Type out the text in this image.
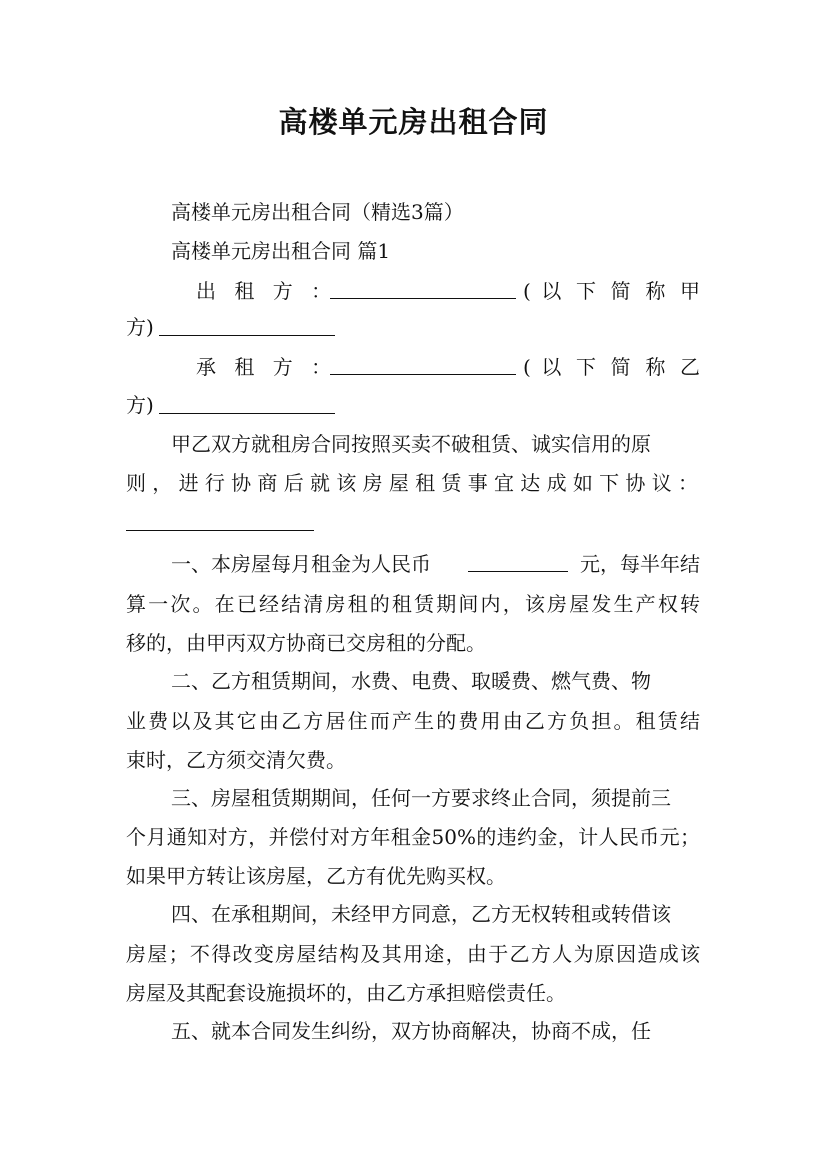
高楼单元房出租合同
高楼单元房出租合同（精选3篇）
高楼单元房出租合同 篇1
出 租 方 ：	( 以 下 简 称 甲
方)
承 租 方 ：	( 以 下 简 称 乙
方)
甲乙双方就租房合同按照买卖不破租赁、诚实信用的原
则，进行协商后就该房屋租赁事宜达成如下协议：
一、本房屋每月租金为人民币	元，每半年结
算一次。在已经结清房租的租赁期间内，该房屋发生产权转
移的，由甲丙双方协商已交房租的分配。
二、乙方租赁期间，水费、电费、取暖费、燃气费、物
业费以及其它由乙方居住而产生的费用由乙方负担。租赁结
束时，乙方须交清欠费。
三、房屋租赁期期间，任何一方要求终止合同，须提前三
个月通知对方，并偿付对方年租金50%的违约金，计人民币元；
如果甲方转让该房屋，乙方有优先购买权。
四、在承租期间，未经甲方同意，乙方无权转租或转借该
房屋；不得改变房屋结构及其用途，由于乙方人为原因造成该
房屋及其配套设施损坏的，由乙方承担赔偿责任。
五、就本合同发生纠纷，双方协商解决，协商不成，任
